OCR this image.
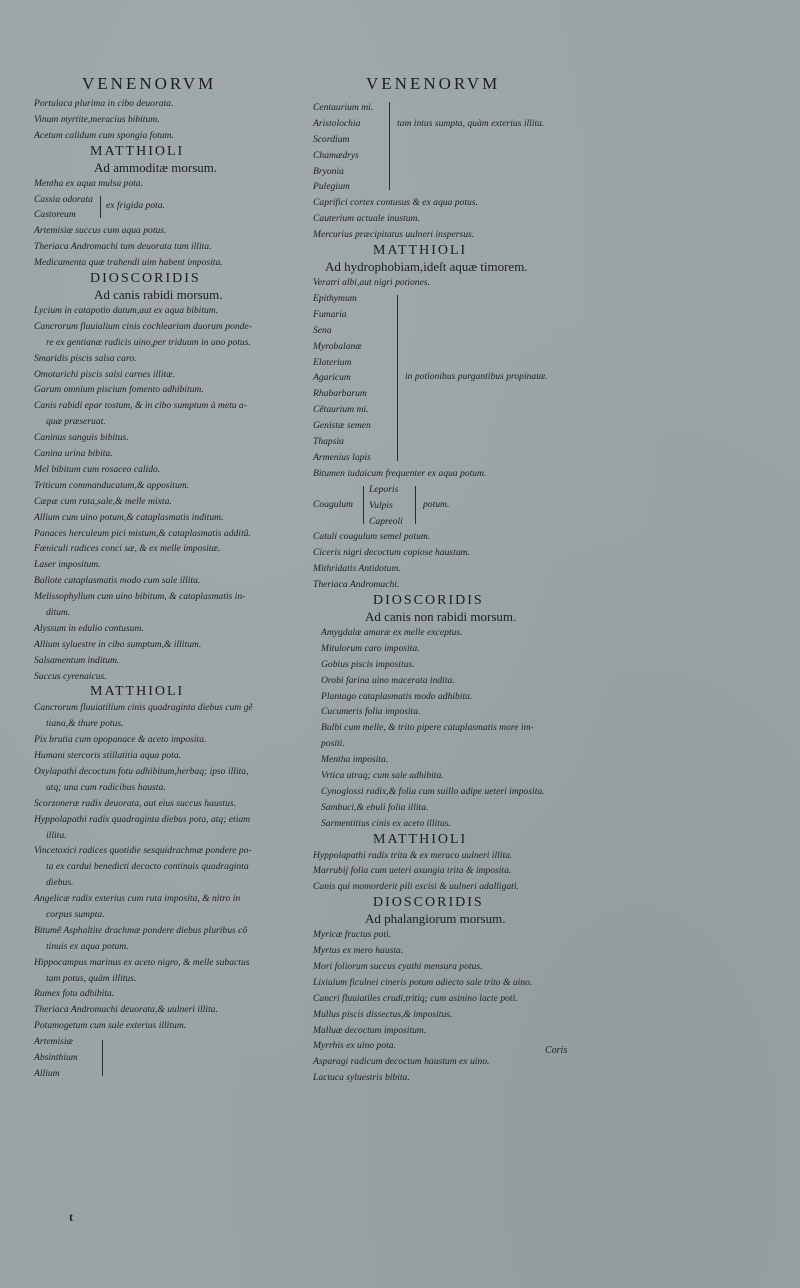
VENENORVM
Portulaca plurima in cibo deuorata.
Vinum myrtite,meracius bibitum.
Acetum calidum cum spongia fotum.
MATTHIOLI
Ad ammoditæ morsum.
Mentha ex aqua mulsa pota.
Cassia odorata
Castoreum
ex frigida pota.
Artemisiæ succus cum aqua potus.
Theriaca Andromachi tum deuorata tum illita.
Medicamenta quæ trahendi uim habent imposita.
DIOSCORIDIS
Ad canis rabidi morsum.
Lycium in catapotio datum,aut ex aqua bibitum.
Cancrorum fluuialium cinis cochlearium duorum ponde-
re ex gentianæ radicis uino,per triduum in uno potus.
Smaridis piscis salsa caro.
Omotarichi piscis salsi carnes illitæ.
Garum omnium piscium fomento adhibitum.
Canis rabidi epar tostum, & in cibo sumptum à metu a-
quæ præseruat.
Caninus sanguis bibitus.
Canina urina bibita.
Mel bibitum cum rosaceo calido.
Triticum commanducatum,& appositum.
Cæpæ cum ruta,sale,& melle mixta.
Allium cum uino potum,& cataplasmatis inditum.
Panaces herculeum pici mistum,& cataplasmatis additũ.
Fœniculi radices conci sæ, & ex melle impositæ.
Laser impositum.
Ballote cataplasmatis modo cum sale illita.
Melissophyllum cum uino bibitum, & cataplasmatis in-
ditum.
Alyssum in edulio contusum.
Allium syluestre in cibo sumptum,& illitum.
Salsamentum inditum.
Succus cyrenaicus.
MATTHIOLI
Cancrorum fluuiatilium cinis quadraginta diebus cum gẽ
tiana,& thure potus.
Pix brutia cum opopanace & aceto imposita.
Humani stercoris stillatitia aqua pota.
Oxylapathi decoctum fotu adhibitum,herbaq; ipso illita,
atq; una cum radicibus hausta.
Scorzoneræ radix deuorata, aut eius succus haustus.
Hyppolapathi radix quadraginta diebus pota, atq; etiam
illita.
Vincetoxici radices quotidie sesquidrachmæ pondere po-
ta ex cardui benedicti decocto continuis quadraginta
diebus.
Angelicæ radix exterius cum ruta imposita, & nitro in
corpus sumpta.
Bitumẽ Asphaltite drachmæ pondere diebus pluribus cõ
tinuis ex aqua potum.
Hippocampus marinus ex aceto nigro, & melle subactus
tam potus, quàm illitus.
Rumex fotu adhibita.
Theriaca Andromachi deuorata,& uulneri illita.
Potamogetum cum sale exterius illitum.
Artemisiæ
Absinthium
Allium
VENENORVM
Centaurium mi.
Aristolochia
Scordium
Chamædrys
Bryonia
Pulegium
tam intus sumpta, quàm exterius illita.
Caprifici cortex contusus & ex aqua potus.
Cauterium actuale inustum.
Mercurius præcipitatus uulneri inspersus.
MATTHIOLI
Ad hydrophobiam,ideſt aquæ timorem.
Veratri albi,aut nigri potiones.
Epithymum
Fumaria
Sena
Myrobalanæ
Elaterium
Agaricum
Rhabarbarum
Cẽtaurium mi.
Genistæ semen
Thapsia
Armenius lapis
in potionibus purgantibus propinatæ.
Bitumen iudaicum frequenter ex aqua potum.
Coagulum
Leporis
Vulpis
Capreoli
potum.
Catuli coagulum semel potum.
Ciceris nigri decoctum copiose haustum.
Mithridatis Antidotum.
Theriaca Andromachi.
DIOSCORIDIS
Ad canis non rabidi morsum.
Amygdalæ amaræ ex melle exceptus.
Mitulorum caro imposita.
Gobius piscis impositus.
Orobi farina uino macerata indita.
Plantago cataplasmatis modo adhibita.
Cucumeris folia imposita.
Bulbi cum melle, & trito pipere cataplasmatis more im-
positi.
Mentha imposita.
Vrtica utraq; cum sale adhibita.
Cynoglossi radix,& folia cum suillo adipe ueteri imposita.
Sambuci,& ebuli folia illita.
Sarmentitius cinis ex aceto illitus.
MATTHIOLI
Hyppolapathi radix trita & ex meraco uulneri illita.
Marrubij folia cum ueteri axungia trita & imposita.
Canis qui momorderit pili excisi & uulneri adalligati.
DIOSCORIDIS
Ad phalangiorum morsum.
Myricæ fructus poti.
Myrtus ex mero hausta.
Mori foliorum succus cyathi mensura potus.
Lixiuium ficulnei cineris potum adiecto sale trito & uino.
Cancri fluuiatiles crudi,tritiq; cum asinino lacte poti.
Mullus piscis dissectus,& impositus.
Malluæ decoctum impositum.
Myrrhis ex uino pota.
Asparagi radicum decoctum haustum ex uino.
Lactuca syluestris bibita.
Coris
t
